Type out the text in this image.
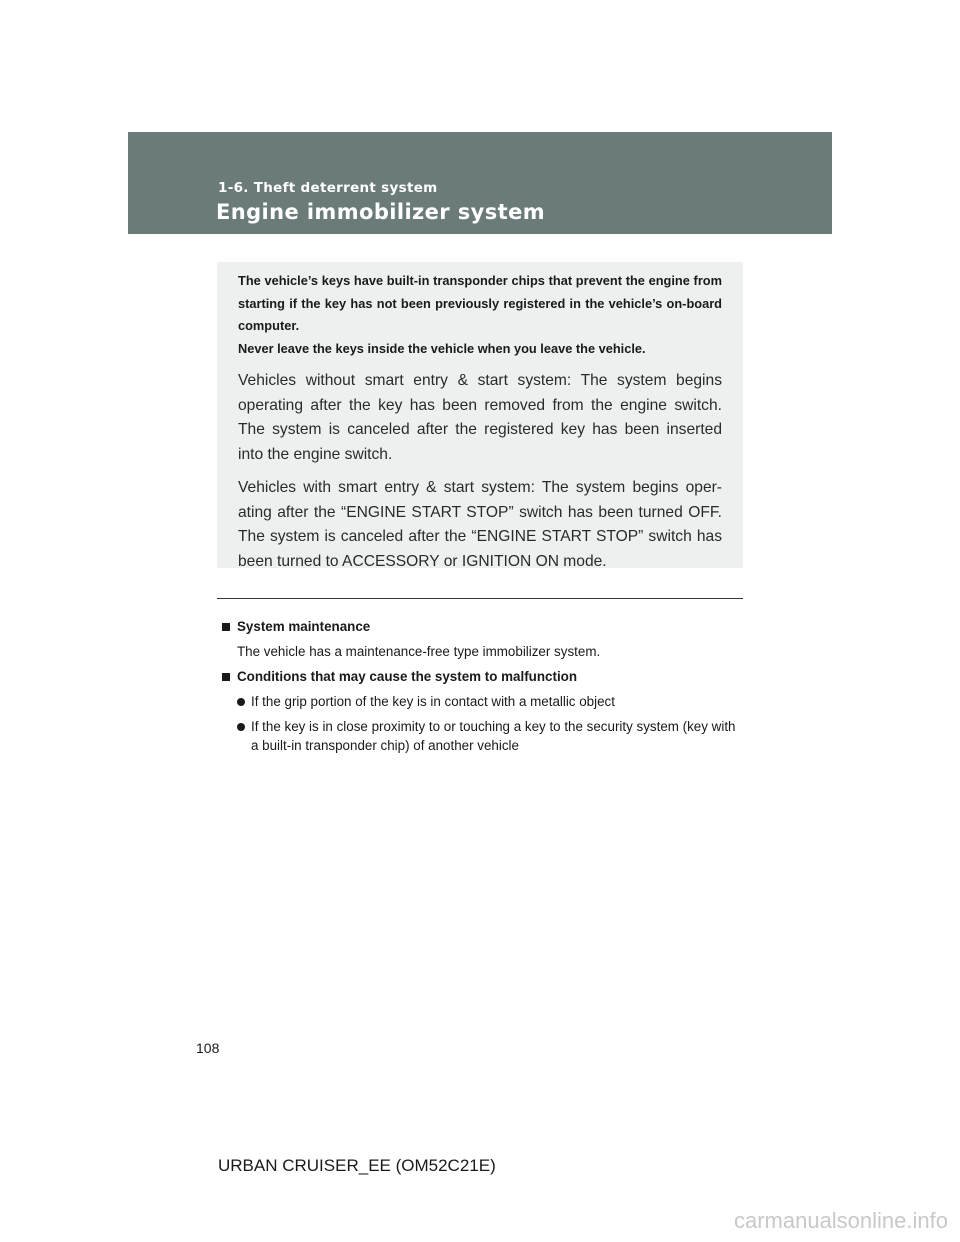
1-6. Theft deterrent system
Engine immobilizer system

The vehicle’s keys have built-in transponder chips that prevent the engine from starting if the key has not been previously registered in the vehicle’s on-board computer.

Never leave the keys inside the vehicle when you leave the vehicle.

Vehicles without smart entry & start system: The system begins operating after the key has been removed from the engine switch. The system is canceled after the registered key has been inserted into the engine switch.

Vehicles with smart entry & start system: The system begins oper-ating after the “ENGINE START STOP” switch has been turned OFF. The system is canceled after the “ENGINE START STOP” switch has been turned to ACCESSORY or IGNITION ON mode.

System maintenance
The vehicle has a maintenance-free type immobilizer system.
Conditions that may cause the system to malfunction
If the grip portion of the key is in contact with a metallic object
If the key is in close proximity to or touching a key to the security system (key with a built-in transponder chip) of another vehicle
108
URBAN CRUISER_EE (OM52C21E)
carmanualsonline.info
